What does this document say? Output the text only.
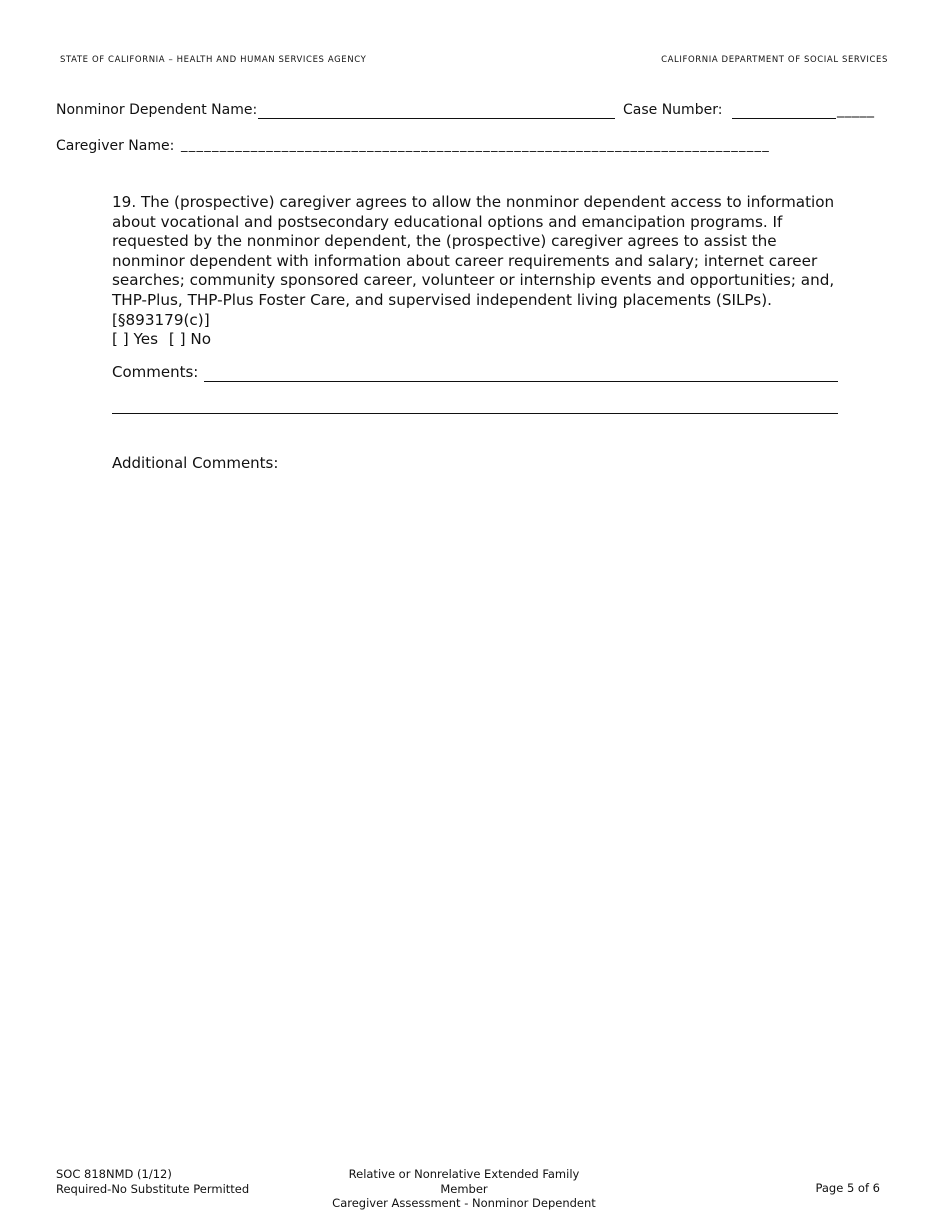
STATE OF CALIFORNIA – HEALTH AND HUMAN SERVICES AGENCY	CALIFORNIA DEPARTMENT OF SOCIAL SERVICES
Nonminor Dependent Name:	Case Number:	_____
Caregiver Name: ____________________________________________________________________________

19. The (prospective) caregiver agrees to allow the nonminor dependent access to information about vocational and postsecondary educational options and emancipation programs. If requested by the nonminor dependent, the (prospective) caregiver agrees to assist the nonminor dependent with information about career requirements and salary; internet career searches; community sponsored career, volunteer or internship events and opportunities; and, THP-Plus, THP-Plus Foster Care, and supervised independent living placements (SILPs).

[§893179(c)]

[ ] Yes [ ] No
Comments:
Additional Comments:
SOC 818NMD (1/12)
Required-No Substitute Permitted
Relative or Nonrelative Extended Family Member
Caregiver Assessment - Nonminor Dependent
Page 5 of 6
